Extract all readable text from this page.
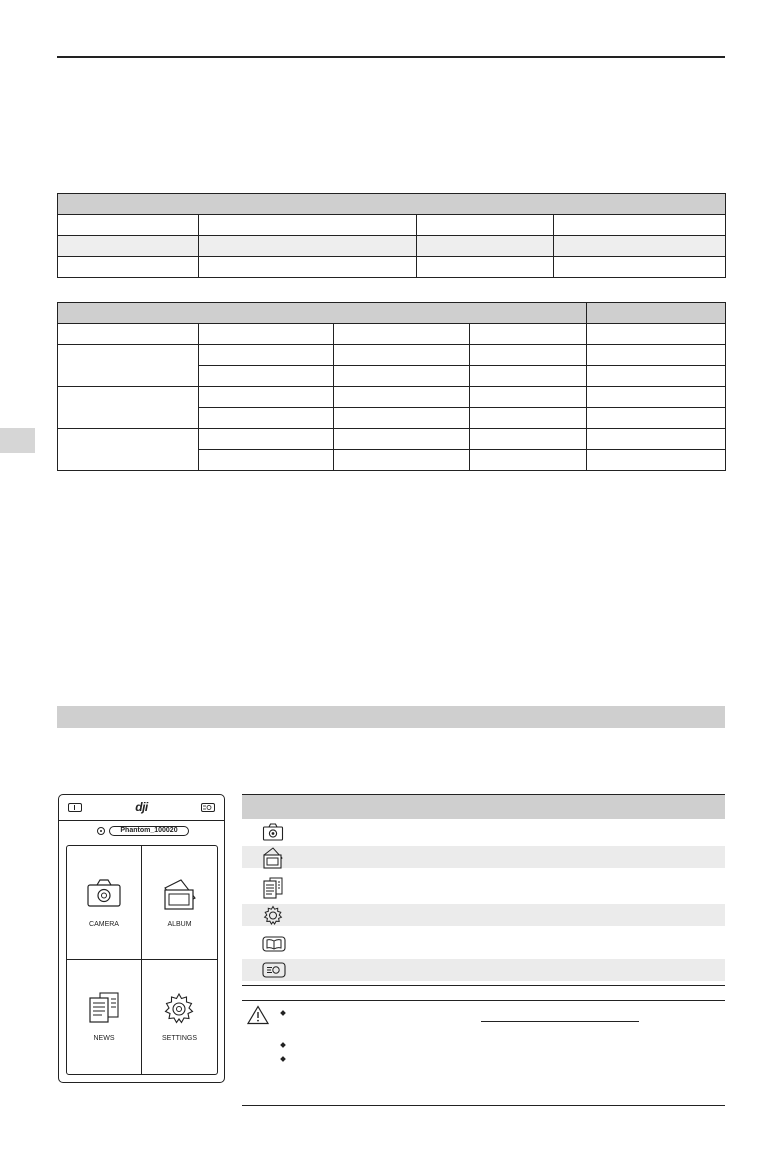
dji
Phantom_100020
CAMERA	ALBUM
NEWS	SETTINGS
